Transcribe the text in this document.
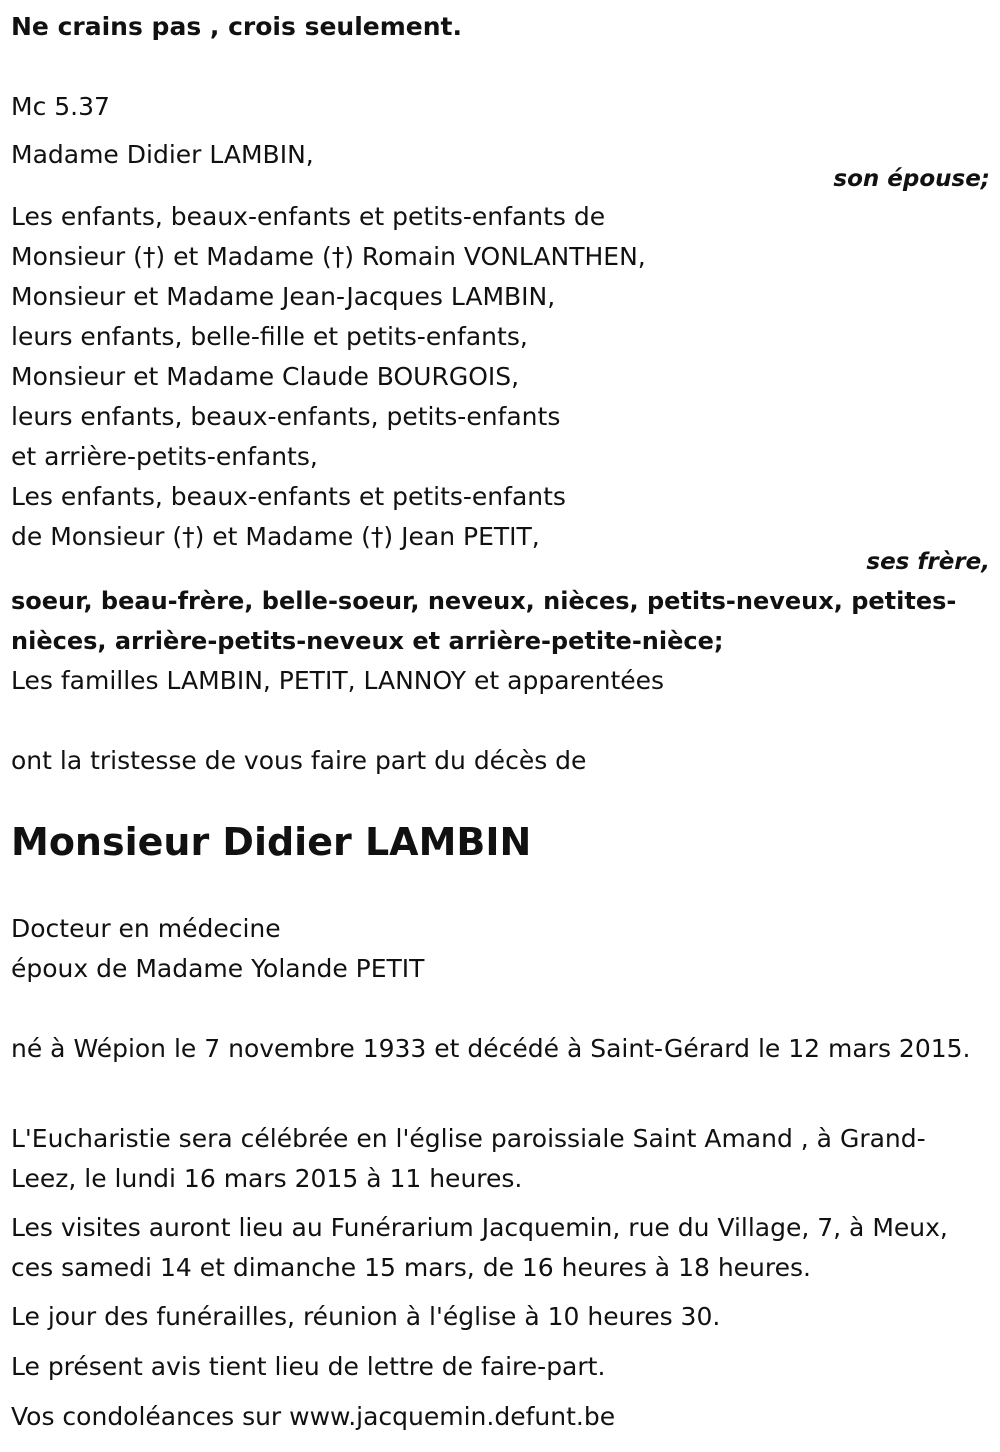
Ne crains pas , crois seulement.
Mc 5.37
Madame Didier LAMBIN,
son épouse;
Les enfants, beaux-enfants et petits-enfants de
Monsieur (†) et Madame (†) Romain VONLANTHEN,
Monsieur et Madame Jean-Jacques LAMBIN,
leurs enfants, belle-fille et petits-enfants,
Monsieur et Madame Claude BOURGOIS,
leurs enfants, beaux-enfants, petits-enfants
et arrière-petits-enfants,
Les enfants, beaux-enfants et petits-enfants
de Monsieur (†) et Madame (†) Jean PETIT,
ses frère,
soeur, beau-frère, belle-soeur, neveux, nièces, petits-neveux, petites-
nièces, arrière-petits-neveux et arrière-petite-nièce;
Les familles LAMBIN, PETIT, LANNOY et apparentées
ont la tristesse de vous faire part du décès de
Monsieur Didier LAMBIN
Docteur en médecine
époux de Madame Yolande PETIT
né à Wépion le 7 novembre 1933 et décédé à Saint-Gérard le 12 mars 2015.
L'Eucharistie sera célébrée en l'église paroissiale Saint Amand , à Grand-Leez, le lundi 16 mars 2015 à 11 heures.
Les visites auront lieu au Funérarium Jacquemin, rue du Village, 7, à Meux, ces samedi 14 et dimanche 15 mars, de 16 heures à 18 heures.
Le jour des funérailles, réunion à l'église à 10 heures 30.
Le présent avis tient lieu de lettre de faire-part.
Vos condoléances sur www.jacquemin.defunt.be
